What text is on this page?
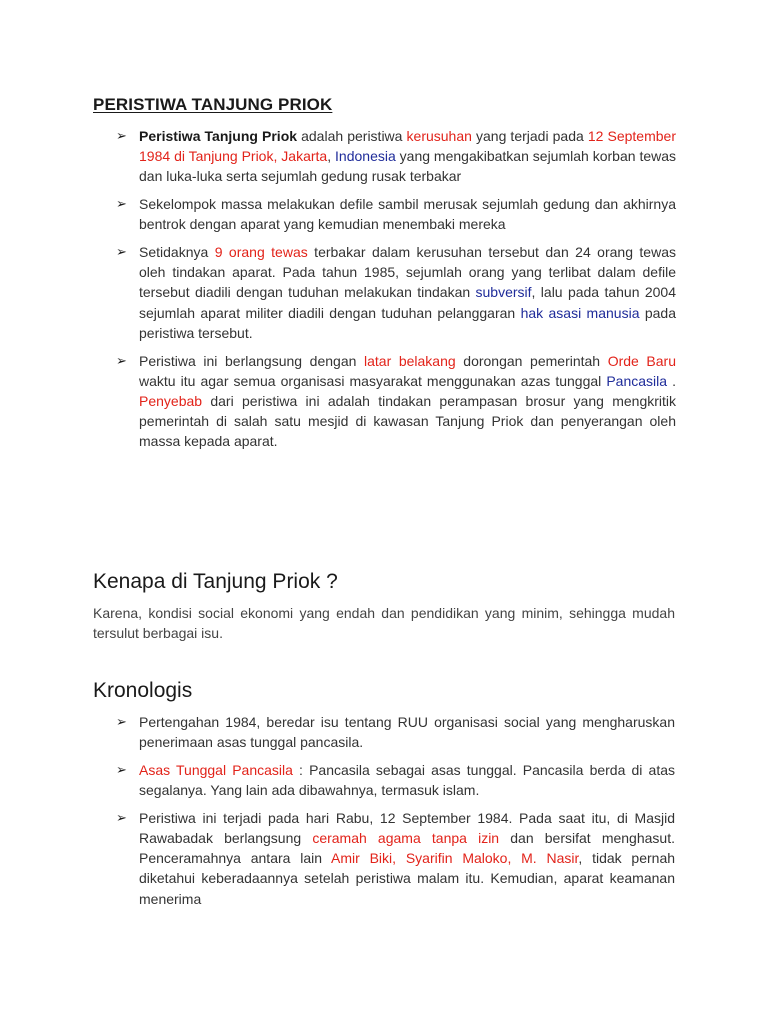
PERISTIWA TANJUNG PRIOK
➢ Peristiwa Tanjung Priok adalah peristiwa kerusuhan yang terjadi pada 12 September 1984 di Tanjung Priok, Jakarta, Indonesia yang mengakibatkan sejumlah korban tewas dan luka-luka serta sejumlah gedung rusak terbakar
➢ Sekelompok massa melakukan defile sambil merusak sejumlah gedung dan akhirnya bentrok dengan aparat yang kemudian menembaki mereka
➢ Setidaknya 9 orang tewas terbakar dalam kerusuhan tersebut dan 24 orang tewas oleh tindakan aparat. Pada tahun 1985, sejumlah orang yang terlibat dalam defile tersebut diadili dengan tuduhan melakukan tindakan subversif, lalu pada tahun 2004 sejumlah aparat militer diadili dengan tuduhan pelanggaran hak asasi manusia pada peristiwa tersebut.
➢ Peristiwa ini berlangsung dengan latar belakang dorongan pemerintah Orde Baru waktu itu agar semua organisasi masyarakat menggunakan azas tunggal Pancasila . Penyebab dari peristiwa ini adalah tindakan perampasan brosur yang mengkritik pemerintah di salah satu mesjid di kawasan Tanjung Priok dan penyerangan oleh massa kepada aparat.
Kenapa di Tanjung Priok ?
Karena, kondisi social ekonomi yang endah dan pendidikan yang minim, sehingga mudah tersulut berbagai isu.
Kronologis
➢ Pertengahan 1984, beredar isu tentang RUU organisasi social yang mengharuskan penerimaan asas tunggal pancasila.
➢ Asas Tunggal Pancasila : Pancasila sebagai asas tunggal. Pancasila berda di atas segalanya. Yang lain ada dibawahnya, termasuk islam.
➢ Peristiwa ini terjadi pada hari Rabu, 12 September 1984. Pada saat itu, di Masjid Rawabadak berlangsung ceramah agama tanpa izin dan bersifat menghasut. Penceramahnya antara lain Amir Biki, Syarifin Maloko, M. Nasir, tidak pernah diketahui keberadaannya setelah peristiwa malam itu. Kemudian, aparat keamanan menerima
